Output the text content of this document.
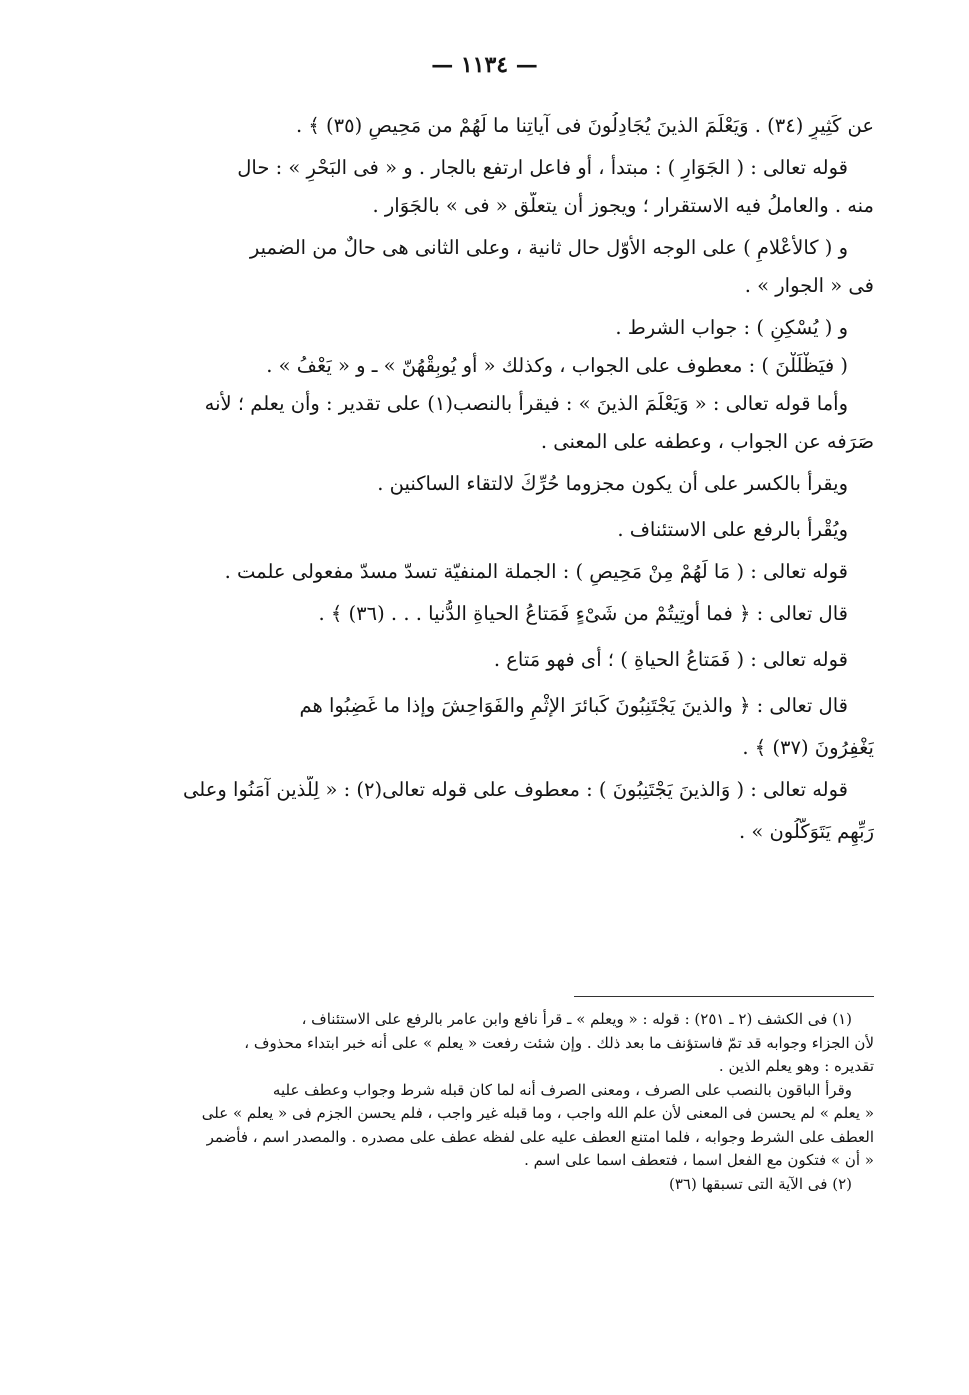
— ١١٣٤ —
عن كَثِيرٍ (٣٤) . وَيَعْلَمَ الذينَ يُجَادِلُونَ فى آياتِنا ما لَهُمْ من مَحِيصٍ (٣٥) ﴾ .
قوله تعالى : ( الجَوَارِ ) : مبتدأ ، أو فاعل ارتفع بالجار . و « فى البَحْرِ » : حال
منه . والعاملُ فيه الاستقرار ؛ ويجوز أن يتعلّق « فى » بالجَوَار .
و ( كالأعْلامِ ) على الوجه الأوّل حال ثانية ، وعلى الثانى هى حالٌ من الضمير
فى « الجوار » .
و ( يُسْكِنِ ) : جواب الشرط .
( فيَظْلَلْنَ ) : معطوف على الجواب ، وكذلك « أو يُوبِقْهُنّ » ـ و « يَعْفُ » .
وأما قوله تعالى : « وَيَعْلَمَ الذينَ » : فيقرأ بالنصب(١) على تقدير : وأن يعلم ؛ لأنه
صَرَفه عن الجواب ، وعطفه على المعنى .
ويقرأ بالكسر على أن يكون مجزوما حُرِّكَ لالتقاء الساكنين .
ويُقْرأ بالرفع على الاستئناف .
قوله تعالى : ( مَا لَهُمْ مِنْ مَحِيصٍ ) : الجملة المنفيّة تسدّ مسدّ مفعولى علمت .
قال تعالى : ﴿ فما أُوتِيتُمْ من شَىْءٍ فَمَتاعُ الحياةِ الدُّنيا . . . (٣٦) ﴾ .
قوله تعالى : ( فَمَتاعُ الحياةِ ) ؛ أى فهو مَتاع .
قال تعالى : ﴿ والذينَ يَجْتَنِبُونَ كَبائرَ الإثْمِ والفَوَاحِشَ وإذا ما غَضِبُوا هم
يَغْفِرُونَ (٣٧) ﴾ .
قوله تعالى : ( وَالذينَ يَجْتَنِبُونَ ) : معطوف على قوله تعالى(٢) : « لِلّذين آمَنُوا وعلى
رَبِّهِم يَتَوَكّلُون » .
(١) فى الكشف (٢ ـ ٢٥١) : قوله : « ويعلم » ـ قرأ نافع وابن عامر بالرفع على الاستئناف ،
لأن الجزاء وجوابه قد تمّ فاستؤنف ما بعد ذلك . وإن شئت رفعت « يعلم » على أنه خبر ابتداء محذوف ،
تقديره : وهو يعلم الذين .
وقرأ الباقون بالنصب على الصرف ، ومعنى الصرف أنه لما كان قبله شرط وجواب وعطف عليه
« يعلم » لم يحسن فى المعنى لأن علم الله واجب ، وما قبله غير واجب ، فلم يحسن الجزم فى « يعلم » على
العطف على الشرط وجوابه ، فلما امتنع العطف عليه على لفظه عطف على مصدره . والمصدر اسم ، فأضمر
« أن » فتكون مع الفعل اسما ، فتعطف اسما على اسم .
(٢) فى الآية التى تسبقها (٣٦)
